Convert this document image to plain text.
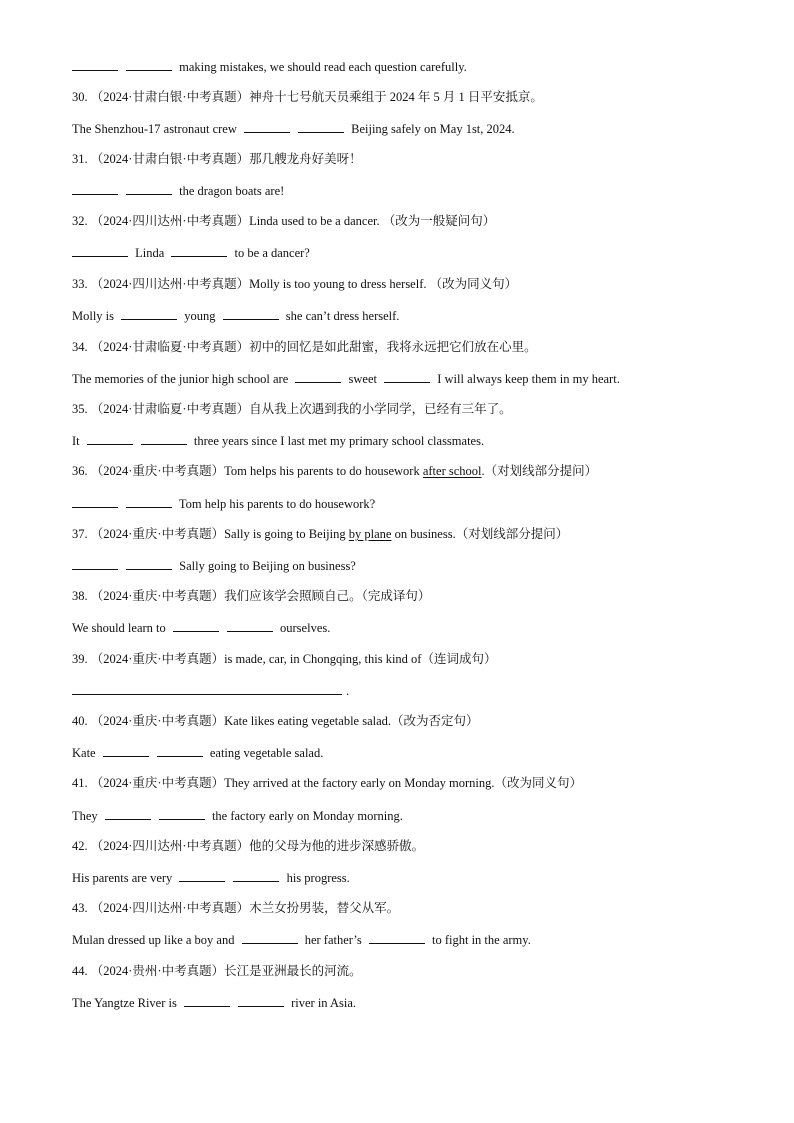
making mistakes, we should read each question carefully.
30. （2024·甘肃白银·中考真题）神舟十七号航天员乘组于 2024 年 5 月 1 日平安抵京。
The Shenzhou-17 astronaut crew	Beijing safely on May 1st, 2024.
31. （2024·甘肃白银·中考真题）那几艘龙舟好美呀！
the dragon boats are!
32. （2024·四川达州·中考真题）Linda used to be a dancer. （改为一般疑问句）
Linda	to be a dancer?
33. （2024·四川达州·中考真题）Molly is too young to dress herself. （改为同义句）
Molly is	young	she can’t dress herself.
34. （2024·甘肃临夏·中考真题）初中的回忆是如此甜蜜，我将永远把它们放在心里。
The memories of the junior high school are	sweet	I will always keep them in my heart.
35. （2024·甘肃临夏·中考真题）自从我上次遇到我的小学同学，已经有三年了。
It	three years since I last met my primary school classmates.
36. （2024·重庆·中考真题）Tom helps his parents to do housework after school.（对划线部分提问）
Tom help his parents to do housework?
37. （2024·重庆·中考真题）Sally is going to Beijing by plane on business.（对划线部分提问）
Sally going to Beijing on business?
38. （2024·重庆·中考真题）我们应该学会照顾自己。（完成译句）
We should learn to	ourselves.
39. （2024·重庆·中考真题）is made, car, in Chongqing, this kind of（连词成句）
.
40. （2024·重庆·中考真题）Kate likes eating vegetable salad.（改为否定句）
Kate	eating vegetable salad.
41. （2024·重庆·中考真题）They arrived at the factory early on Monday morning.（改为同义句）
They	the factory early on Monday morning.
42. （2024·四川达州·中考真题）他的父母为他的进步深感骄傲。
His parents are very	his progress.
43. （2024·四川达州·中考真题）木兰女扮男装，替父从军。
Mulan dressed up like a boy and	her father’s	to fight in the army.
44. （2024·贵州·中考真题）长江是亚洲最长的河流。
The Yangtze River is	river in Asia.
